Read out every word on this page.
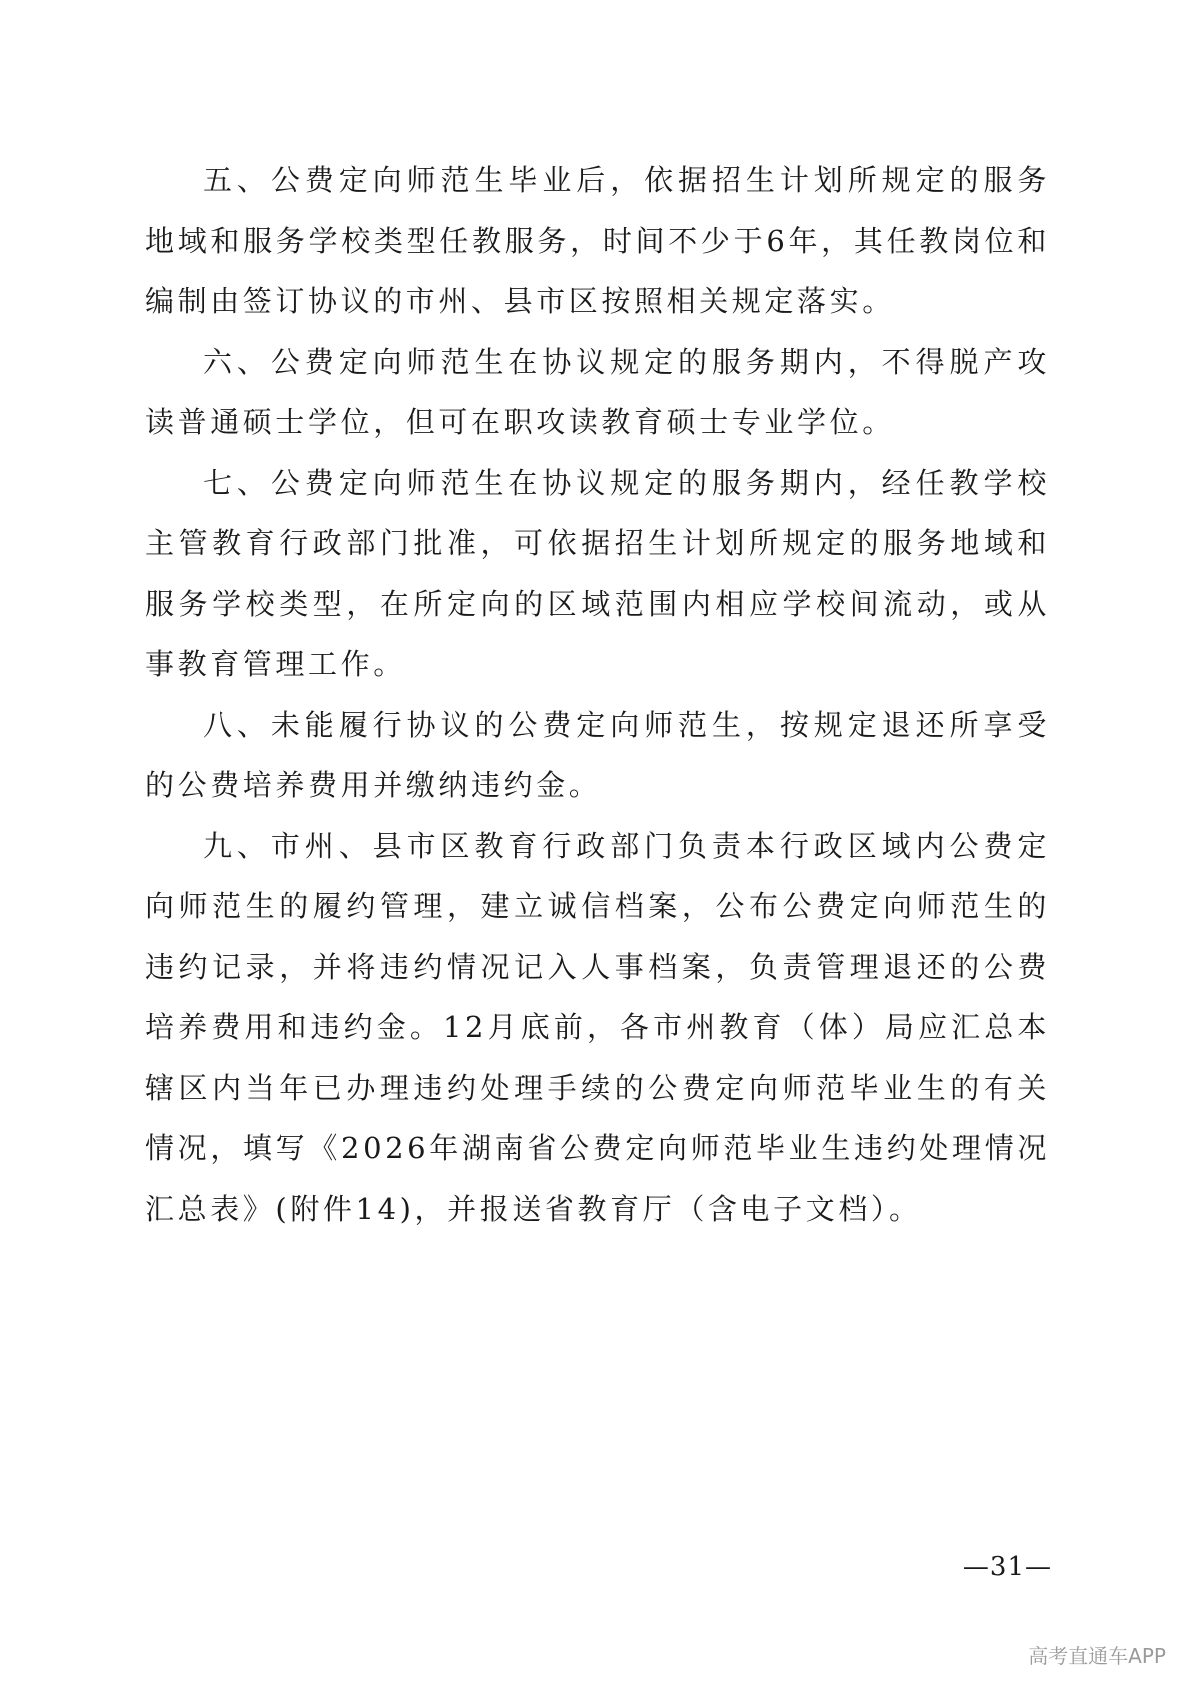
五、公费定向师范生毕业后，依据招生计划所规定的服务地域和服务学校类型任教服务，时间不少于6年，其任教岗位和编制由签订协议的市州、县市区按照相关规定落实。

六、公费定向师范生在协议规定的服务期内，不得脱产攻读普通硕士学位，但可在职攻读教育硕士专业学位。

七、公费定向师范生在协议规定的服务期内，经任教学校主管教育行政部门批准，可依据招生计划所规定的服务地域和服务学校类型，在所定向的区域范围内相应学校间流动，或从事教育管理工作。

八、未能履行协议的公费定向师范生，按规定退还所享受的公费培养费用并缴纳违约金。

九、市州、县市区教育行政部门负责本行政区域内公费定向师范生的履约管理，建立诚信档案，公布公费定向师范生的违约记录，并将违约情况记入人事档案，负责管理退还的公费培养费用和违约金。12月底前，各市州教育（体）局应汇总本辖区内当年已办理违约处理手续的公费定向师范毕业生的有关情况，填写《2026年湖南省公费定向师范毕业生违约处理情况汇总表》(附件14)，并报送省教育厅（含电子文档）。

—31—
高考直通车APP
